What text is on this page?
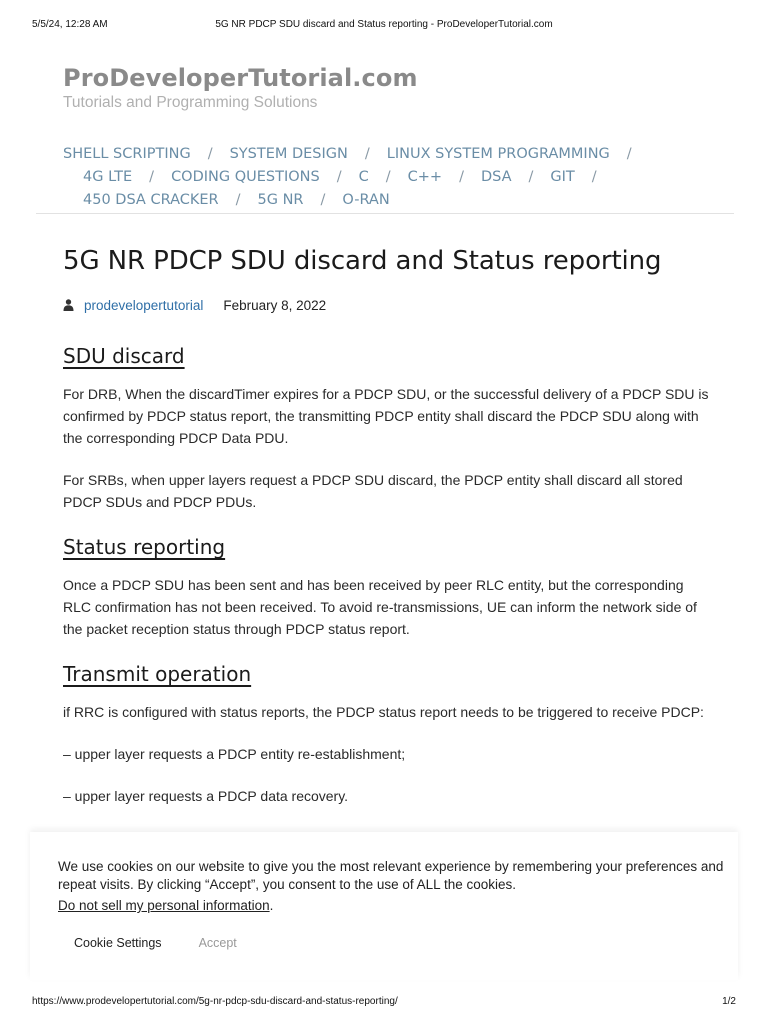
5/5/24, 12:28 AM	5G NR PDCP SDU discard and Status reporting - ProDeveloperTutorial.com
ProDeveloperTutorial.com
Tutorials and Programming Solutions
SHELL SCRIPTING / SYSTEM DESIGN / LINUX SYSTEM PROGRAMMING /
4G LTE / CODING QUESTIONS / C / C++ / DSA / GIT /
450 DSA CRACKER / 5G NR / O-RAN
5G NR PDCP SDU discard and Status reporting
prodevelopertutorial February 8, 2022
SDU discard

For DRB, When the discardTimer expires for a PDCP SDU, or the successful delivery of a PDCP SDU is confirmed by PDCP status report, the transmitting PDCP entity shall discard the PDCP SDU along with the corresponding PDCP Data PDU.

For SRBs, when upper layers request a PDCP SDU discard, the PDCP entity shall discard all stored PDCP SDUs and PDCP PDUs.

Status reporting

Once a PDCP SDU has been sent and has been received by peer RLC entity, but the corresponding RLC confirmation has not been received. To avoid re-transmissions, UE can inform the network side of the packet reception status through PDCP status report.

Transmit operation

if RRC is configured with status reports, the PDCP status report needs to be triggered to receive PDCP:

– upper layer requests a PDCP entity re-establishment;

– upper layer requests a PDCP data recovery.

We use cookies on our website to give you the most relevant experience by remembering your preferences and repeat visits. By clicking “Accept”, you consent to the use of ALL the cookies.
Do not sell my personal information.
Cookie Settings	Accept
https://www.prodevelopertutorial.com/5g-nr-pdcp-sdu-discard-and-status-reporting/	1/2
